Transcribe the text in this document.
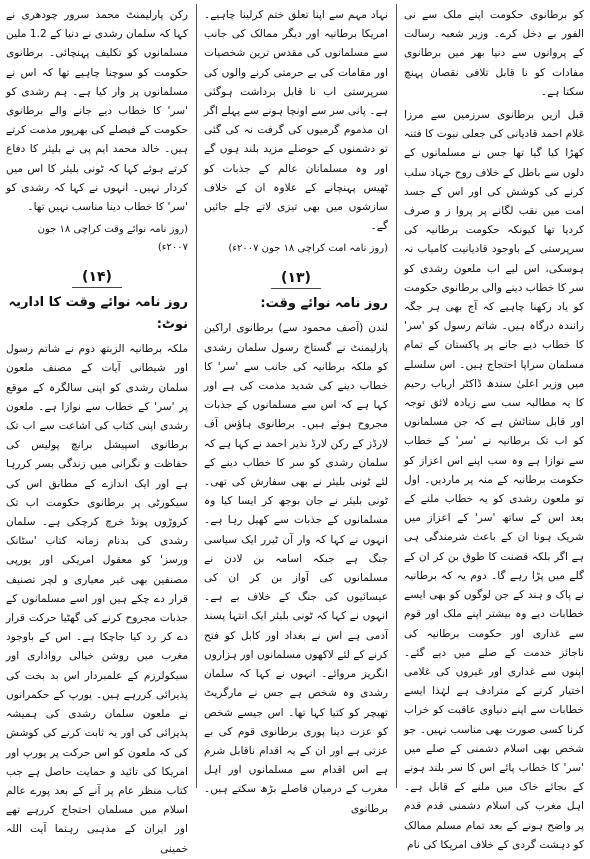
کو برطانوی حکومت اپنے ملک سے نی الفور بے دخل کرے۔ وزیر شعبہ رسالت کے پروانوں سے دنیا بھر میں برطانوی مفادات کو نا قابل تلافی نقصان پہنچ سکتا ہے۔

قبل ازیں برطانوی سرزمین سے مرزا غلام احمد قادیانی کی جعلی نبوت کا فتنہ کھڑا کیا گیا تھا جس نے مسلمانوں کے دلوں سے باطل کے خلاف روح جہاد سلب کرنے کی کوشش کی اور اس کے جسد امت میں نقب لگانے پر پروا ز و صرف کردیا تھا کیونکہ حکومت برطانیہ کی سرپرستی کے باوجود قادیانیت کامیاب نہ ہوسکی، اس لیے اب ملعون رشدی کو سر کا خطاب دینے والی برطانوی حکومت کو یاد رکھنا چاہیے کہ آج بھی ہر جگہ رانندہ درگاہ ہیں۔ شاتم رسول کو 'سر' کا خطاب دیے جانے پر پاکستان کے تمام مسلمان سراپا احتجاج ہیں۔ اس سلسلے میں وزیر اعلیٰ سندھ ڈاکٹر ارباب رحیم کا یہ مطالبہ سب سے زیادہ لائق توجہ اور قابل ستائش ہے کہ جن مسلمانوں کو اب تک برطانیہ نے 'سر' کے خطاب سے نوازا ہے وہ سب اپنے اس اعزاز کو حکومت برطانیہ کے منہ پر ماردیں۔ اول تو ملعون رشدی کو یہ خطاب ملنے کے بعد اس کے ساتھ 'سر' کے اعزاز میں شریک ہونا ان کے باعث شرمندگی ہی ہے اگر بلکہ قصنت کا طوق بن کر ان کے گلے میں پڑا رہے گا۔ دوم یہ کہ برطانیہ نے پاک و ہند کے جن لوگوں کو بھی ایسے خطابات دیے وہ بیشتر اپنے ملک اور قوم سے غداری اور حکومت برطانیہ کی ناجائز خدمت کے صلے میں دیے گئے۔ اپنوں سے غداری اور غیروں کی غلامی اختیار کرنے کے مترادف ہے لہٰذا ایسے خطابات سے اپنے دنیاوی عاقبت کو خراب کرنا کسی صورت بھی مناسب نہیں۔ جو شخص بھی اسلام دشمنی کے صلے میں 'سر' کا خطاب پائے اس کا سر بلند ہونے کے بجائے خاک میں ملنے کے قابل ہے۔ اہل مغرب کی اسلام دشمنی قدم قدم پر واضح ہونے کے بعد تمام مسلم ممالک کو دہشت گردی کے خلاف امریکا کی نام

نہاد مہم سے اپنا تعلق ختم کرلینا چاہیے۔ امریکا برطانیہ اور دیگر ممالک کی جانب سے مسلمانوں کی مقدس ترین شخصیات اور مقامات کی بے حرمتی کرنے والوں کی سرپرستی اب نا قابل برداشت ہوگئی ہے۔ پانی سر سے اونچا ہونے سے پہلے اگر ان مذموم گرمیوں کی گرفت نہ کی گئی تو دشمنوں کے حوصلے مزید بلند ہوں گے اور وہ مسلمانان عالم کے جذبات کو ٹھیس پہنچانے کے علاوہ ان کے خلاف سازشوں میں بھی تیزی لاتے چلے جائیں گے۔

(روز نامہ امت کراچی ۱۸ جون ۲۰۰۷ء)
(۱۳)
روز نامہ نوائے وقت:

لندن (آصف محمود سے) برطانوی اراکین پارلیمنٹ نے گستاخ رسول سلمان رشدی کو ملکہ برطانیہ کی جانب سے 'سر' کا خطاب دینے کی شدید مذمت کی ہے اور کہا ہے کہ اس سے مسلمانوں کے جذبات مجروح ہوئے ہیں۔ برطانوی ہاؤس آف لارڈز کے رکن لارڈ نذیر احمد نے کہا ہے کہ سلمان رشدی کو سر کا خطاب دینے کے لئے ٹونی بلیئر نے بھی سفارش کی تھی۔ ٹونی بلیئر نے جان بوجھ کر ایسا کیا وہ مسلمانوں کے جذبات سے کھیل رہا ہے۔ انہوں نے کہا کہ وار آن ٹیرر ایک سیاسی جنگ ہے جبکہ اسامہ بن لادن نے مسلمانوں کی آواز بن کر ان کی عیسائیوں کی جنگ کے خلاف بے ہے۔ انہوں نے کہا کہ ٹونی بلیئر ایک انتہا پسند آدمی ہے اس نے بغداد اور کابل کو فتح کرنے کے لئے لاکھوں مسلمانوں اور ہزاروں انگریز مروائے۔ انہوں نے کہا کہ سلمان رشدی وہ شخص ہے جس نے مارگریٹ تھیچر کو کتیا کہا تھا۔ اس جیسے شخص کو عزت دینا پوری برطانوی قوم کی بے عزتی ہے اور ان کے یہ اقدام ناقابل شرم ہے اس اقدام سے مسلمانوں اور اہل مغرب کے درمیان فاصلے بڑھ سکتے ہیں۔ برطانوی

رکن پارلیمنٹ محمد سرور چودھری نے کہا کہ سلمان رشدی نے دنیا کے 1.2 ملین مسلمانوں کو تکلیف پہنچائی۔ برطانوی حکومت کو سوچنا چاہیے تھا کہ اس نے مسلمانوں پر وار کیا ہے۔ ہم رشدی کو 'سر' کا خطاب دیے جانے والے برطانوی حکومت کے فیصلے کی بھرپور مذمت کرتے ہیں۔ خالد محمد ایم پی نے بلیئر کا دفاع کرتے ہوئے کہا کہ ٹونی بلیئر کا اس میں کردار نہیں۔ انہوں نے کہا کہ رشدی کو 'سر' کا خطاب دینا مناسب نہیں تھا۔

(روز نامہ نوائے وقت کراچی ۱۸ جون ۲۰۰۷ء)
(۱۴)
روز نامہ نوائے وقت کا اداریہ نوٹ:

ملکہ برطانیہ الزبتھ دوم نے شاتم رسول اور شیطانی آیات کے مصنف ملعون سلمان رشدی کو اپنی سالگرہ کے موقع پر 'سر' کے خطاب سے نوازا ہے۔ ملعون رشدی اپنی کتاب کی اشاعت سے اب تک برطانوی اسپیشل برانچ پولیس کی حفاظت و نگرانی میں زندگی بسر کررہا ہے اور ایک اندازے کے مطابق اس کی سیکورٹی پر برطانوی حکومت اب تک کروڑوں پونڈ خرچ کرچکی ہے۔ سلمان رشدی کی بدنام زمانہ کتاب 'سٹانک ورسز' کو معقول امریکی اور یورپی مصنفین بھی غیر معیاری و لچر تصنیف قرار دے چکے ہیں اور اسے مسلمانوں کے جذبات مجروح کرنے کی گھٹیا حرکت قرار دے کر رد کیا جاچکا ہے۔ اس کے باوجود مغرب میں روشن خیالی رواداری اور سیکولرزم کے علمبردار اس بد بخت کی پذیرائی کررہے ہیں۔ یورپ کے حکمرانوں نے ملعون سلمان رشدی کی ہمیشہ پذیرائی کی اور یہ ثابت کرنے کی کوشش کی کہ ملعون کو اس حرکت پر یورپ اور امریکا کی تائید و حمایت حاصل ہے جب کتاب منظر عام پر آنے کے بعد پورے عالم اسلام میں مسلمان احتجاج کررہے تھے اور ایران کے مذہبی رہنما آیت اللہ خمینی
